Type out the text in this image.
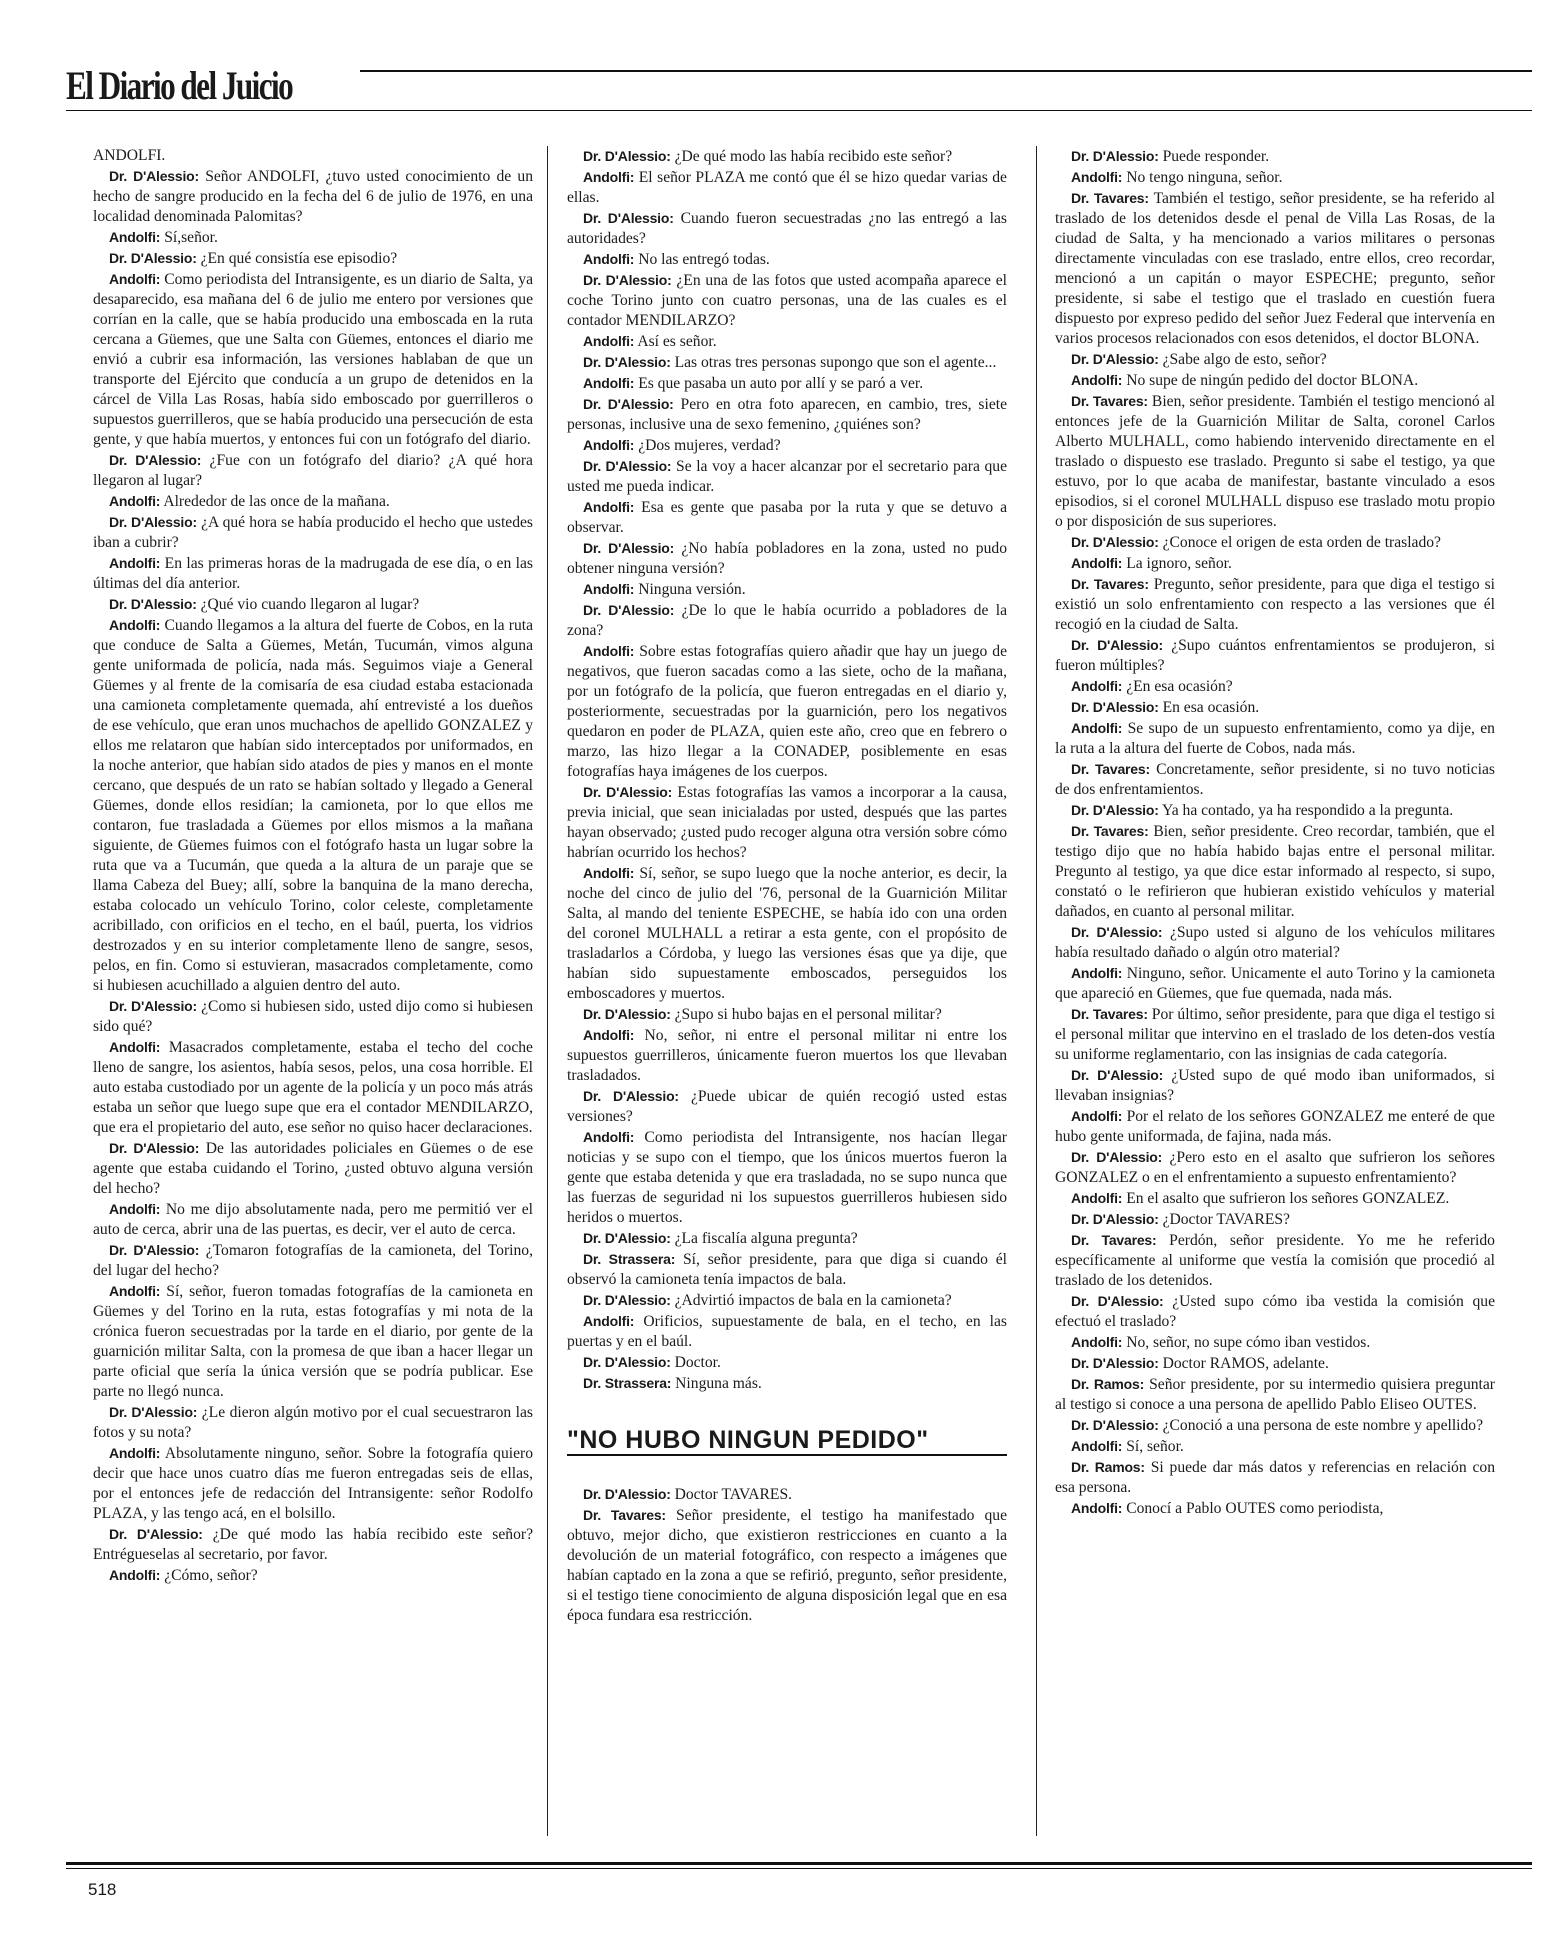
El Diario del Juicio

ANDOLFI.

Dr. D'Alessio: Señor ANDOLFI, ¿tuvo usted conocimiento de un hecho de sangre producido en la fecha del 6 de julio de 1976, en una localidad denominada Palomitas?

Andolfi: Sí,señor.

Dr. D'Alessio: ¿En qué consistía ese episodio?

Andolfi: Como periodista del Intransigente, es un diario de Salta, ya desaparecido, esa mañana del 6 de julio me entero por versiones que corrían en la calle, que se había producido una emboscada en la ruta cercana a Güemes, que une Salta con Güemes, entonces el diario me envió a cubrir esa información, las versiones hablaban de que un transporte del Ejército que conducía a un grupo de detenidos en la cárcel de Villa Las Rosas, había sido emboscado por guerrilleros o supuestos guerrilleros, que se había producido una persecución de esta gente, y que había muertos, y entonces fui con un fotógrafo del diario.

Dr. D'Alessio: ¿Fue con un fotógrafo del diario? ¿A qué hora llegaron al lugar?

Andolfi: Alrededor de las once de la mañana.

Dr. D'Alessio: ¿A qué hora se había producido el hecho que ustedes iban a cubrir?

Andolfi: En las primeras horas de la madrugada de ese día, o en las últimas del día anterior.

Dr. D'Alessio: ¿Qué vio cuando llegaron al lugar?

Andolfi: Cuando llegamos a la altura del fuerte de Cobos, en la ruta que conduce de Salta a Güemes, Metán, Tucumán, vimos alguna gente uniformada de policía, nada más. Seguimos viaje a General Güemes y al frente de la comisaría de esa ciudad estaba estacionada una camioneta completamente quemada, ahí entrevisté a los dueños de ese vehículo, que eran unos muchachos de apellido GONZALEZ y ellos me relataron que habían sido interceptados por uniformados, en la noche anterior, que habían sido atados de pies y manos en el monte cercano, que después de un rato se habían soltado y llegado a General Güemes, donde ellos residían; la camioneta, por lo que ellos me contaron, fue trasladada a Güemes por ellos mismos a la mañana siguiente, de Güemes fuimos con el fotógrafo hasta un lugar sobre la ruta que va a Tucumán, que queda a la altura de un paraje que se llama Cabeza del Buey; allí, sobre la banquina de la mano derecha, estaba colocado un vehículo Torino, color celeste, completamente acribillado, con orificios en el techo, en el baúl, puerta, los vidrios destrozados y en su interior completamente lleno de sangre, sesos, pelos, en fin. Como si estuvieran, masacrados completamente, como si hubiesen acuchillado a alguien dentro del auto.

Dr. D'Alessio: ¿Como si hubiesen sido, usted dijo como si hubiesen sido qué?

Andolfi: Masacrados completamente, estaba el techo del coche lleno de sangre, los asientos, había sesos, pelos, una cosa horrible. El auto estaba custodiado por un agente de la policía y un poco más atrás estaba un señor que luego supe que era el contador MENDILARZO, que era el propietario del auto, ese señor no quiso hacer declaraciones.

Dr. D'Alessio: De las autoridades policiales en Güemes o de ese agente que estaba cuidando el Torino, ¿usted obtuvo alguna versión del hecho?

Andolfi: No me dijo absolutamente nada, pero me permitió ver el auto de cerca, abrir una de las puertas, es decir, ver el auto de cerca.

Dr. D'Alessio: ¿Tomaron fotografías de la camioneta, del Torino, del lugar del hecho?

Andolfi: Sí, señor, fueron tomadas fotografías de la camioneta en Güemes y del Torino en la ruta, estas fotografías y mi nota de la crónica fueron secuestradas por la tarde en el diario, por gente de la guarnición militar Salta, con la promesa de que iban a hacer llegar un parte oficial que sería la única versión que se podría publicar. Ese parte no llegó nunca.

Dr. D'Alessio: ¿Le dieron algún motivo por el cual secuestraron las fotos y su nota?

Andolfi: Absolutamente ninguno, señor. Sobre la fotografía quiero decir que hace unos cuatro días me fueron entregadas seis de ellas, por el entonces jefe de redacción del Intransigente: señor Rodolfo PLAZA, y las tengo acá, en el bolsillo.

Dr. D'Alessio: ¿De qué modo las había recibido este señor? Entrégueselas al secretario, por favor.

Andolfi: ¿Cómo, señor?

Dr. D'Alessio: ¿De qué modo las había recibido este señor?

Andolfi: El señor PLAZA me contó que él se hizo quedar varias de ellas.

Dr. D'Alessio: Cuando fueron secuestradas ¿no las entregó a las autoridades?

Andolfi: No las entregó todas.

Dr. D'Alessio: ¿En una de las fotos que usted acompaña aparece el coche Torino junto con cuatro personas, una de las cuales es el contador MENDILARZO?

Andolfi: Así es señor.

Dr. D'Alessio: Las otras tres personas supongo que son el agente...

Andolfi: Es que pasaba un auto por allí y se paró a ver.

Dr. D'Alessio: Pero en otra foto aparecen, en cambio, tres, siete personas, inclusive una de sexo femenino, ¿quiénes son?

Andolfi: ¿Dos mujeres, verdad?

Dr. D'Alessio: Se la voy a hacer alcanzar por el secretario para que usted me pueda indicar.

Andolfi: Esa es gente que pasaba por la ruta y que se detuvo a observar.

Dr. D'Alessio: ¿No había pobladores en la zona, usted no pudo obtener ninguna versión?

Andolfi: Ninguna versión.

Dr. D'Alessio: ¿De lo que le había ocurrido a pobladores de la zona?

Andolfi: Sobre estas fotografías quiero añadir que hay un juego de negativos, que fueron sacadas como a las siete, ocho de la mañana, por un fotógrafo de la policía, que fueron entregadas en el diario y, posteriormente, secuestradas por la guarnición, pero los negativos quedaron en poder de PLAZA, quien este año, creo que en febrero o marzo, las hizo llegar a la CONADEP, posiblemente en esas fotografías haya imágenes de los cuerpos.

Dr. D'Alessio: Estas fotografías las vamos a incorporar a la causa, previa inicial, que sean inicialadas por usted, después que las partes hayan observado; ¿usted pudo recoger alguna otra versión sobre cómo habrían ocurrido los hechos?

Andolfi: Sí, señor, se supo luego que la noche anterior, es decir, la noche del cinco de julio del '76, personal de la Guarnición Militar Salta, al mando del teniente ESPECHE, se había ido con una orden del coronel MULHALL a retirar a esta gente, con el propósito de trasladarlos a Córdoba, y luego las versiones ésas que ya dije, que habían sido supuestamente emboscados, perseguidos los emboscadores y muertos.

Dr. D'Alessio: ¿Supo si hubo bajas en el personal militar?

Andolfi: No, señor, ni entre el personal militar ni entre los supuestos guerrilleros, únicamente fueron muertos los que llevaban trasladados.

Dr. D'Alessio: ¿Puede ubicar de quién recogió usted estas versiones?

Andolfi: Como periodista del Intransigente, nos hacían llegar noticias y se supo con el tiempo, que los únicos muertos fueron la gente que estaba detenida y que era trasladada, no se supo nunca que las fuerzas de seguridad ni los supuestos guerrilleros hubiesen sido heridos o muertos.

Dr. D'Alessio: ¿La fiscalía alguna pregunta?

Dr. Strassera: Sí, señor presidente, para que diga si cuando él observó la camioneta tenía impactos de bala.

Dr. D'Alessio: ¿Advirtió impactos de bala en la camioneta?

Andolfi: Orificios, supuestamente de bala, en el techo, en las puertas y en el baúl.

Dr. D'Alessio: Doctor.

Dr. Strassera: Ninguna más.

"NO HUBO NINGUN PEDIDO"

Dr. D'Alessio: Doctor TAVARES.

Dr. Tavares: Señor presidente, el testigo ha manifestado que obtuvo, mejor dicho, que existieron restricciones en cuanto a la devolución de un material fotográfico, con respecto a imágenes que habían captado en la zona a que se refirió, pregunto, señor presidente, si el testigo tiene conocimiento de alguna disposición legal que en esa época fundara esa restricción.

Dr. D'Alessio: Puede responder.

Andolfi: No tengo ninguna, señor.

Dr. Tavares: También el testigo, señor presidente, se ha referido al traslado de los detenidos desde el penal de Villa Las Rosas, de la ciudad de Salta, y ha mencionado a varios militares o personas directamente vinculadas con ese traslado, entre ellos, creo recordar, mencionó a un capitán o mayor ESPECHE; pregunto, señor presidente, si sabe el testigo que el traslado en cuestión fuera dispuesto por expreso pedido del señor Juez Federal que intervenía en varios procesos relacionados con esos detenidos, el doctor BLONA.

Dr. D'Alessio: ¿Sabe algo de esto, señor?

Andolfi: No supe de ningún pedido del doctor BLONA.

Dr. Tavares: Bien, señor presidente. También el testigo mencionó al entonces jefe de la Guarnición Militar de Salta, coronel Carlos Alberto MULHALL, como habiendo intervenido directamente en el traslado o dispuesto ese traslado. Pregunto si sabe el testigo, ya que estuvo, por lo que acaba de manifestar, bastante vinculado a esos episodios, si el coronel MULHALL dispuso ese traslado motu propio o por disposición de sus superiores.

Dr. D'Alessio: ¿Conoce el origen de esta orden de traslado?

Andolfi: La ignoro, señor.

Dr. Tavares: Pregunto, señor presidente, para que diga el testigo si existió un solo enfrentamiento con respecto a las versiones que él recogió en la ciudad de Salta.

Dr. D'Alessio: ¿Supo cuántos enfrentamientos se produjeron, si fueron múltiples?

Andolfi: ¿En esa ocasión?

Dr. D'Alessio: En esa ocasión.

Andolfi: Se supo de un supuesto enfrentamiento, como ya dije, en la ruta a la altura del fuerte de Cobos, nada más.

Dr. Tavares: Concretamente, señor presidente, si no tuvo noticias de dos enfrentamientos.

Dr. D'Alessio: Ya ha contado, ya ha respondido a la pregunta.

Dr. Tavares: Bien, señor presidente. Creo recordar, también, que el testigo dijo que no había habido bajas entre el personal militar. Pregunto al testigo, ya que dice estar informado al respecto, si supo, constató o le refirieron que hubieran existido vehículos y material dañados, en cuanto al personal militar.

Dr. D'Alessio: ¿Supo usted si alguno de los vehículos militares había resultado dañado o algún otro material?

Andolfi: Ninguno, señor. Unicamente el auto Torino y la camioneta que apareció en Güemes, que fue quemada, nada más.

Dr. Tavares: Por último, señor presidente, para que diga el testigo si el personal militar que intervino en el traslado de los deten-dos vestía su uniforme reglamentario, con las insignias de cada categoría.

Dr. D'Alessio: ¿Usted supo de qué modo iban uniformados, si llevaban insignias?

Andolfi: Por el relato de los señores GONZALEZ me enteré de que hubo gente uniformada, de fajina, nada más.

Dr. D'Alessio: ¿Pero esto en el asalto que sufrieron los señores GONZALEZ o en el enfrentamiento a supuesto enfrentamiento?

Andolfi: En el asalto que sufrieron los señores GONZALEZ.

Dr. D'Alessio: ¿Doctor TAVARES?

Dr. Tavares: Perdón, señor presidente. Yo me he referido específicamente al uniforme que vestía la comisión que procedió al traslado de los detenidos.

Dr. D'Alessio: ¿Usted supo cómo iba vestida la comisión que efectuó el traslado?

Andolfi: No, señor, no supe cómo iban vestidos.

Dr. D'Alessio: Doctor RAMOS, adelante.

Dr. Ramos: Señor presidente, por su intermedio quisiera preguntar al testigo si conoce a una persona de apellido Pablo Eliseo OUTES.

Dr. D'Alessio: ¿Conoció a una persona de este nombre y apellido?

Andolfi: Sí, señor.

Dr. Ramos: Si puede dar más datos y referencias en relación con esa persona.

Andolfi: Conocí a Pablo OUTES como periodista,

518
